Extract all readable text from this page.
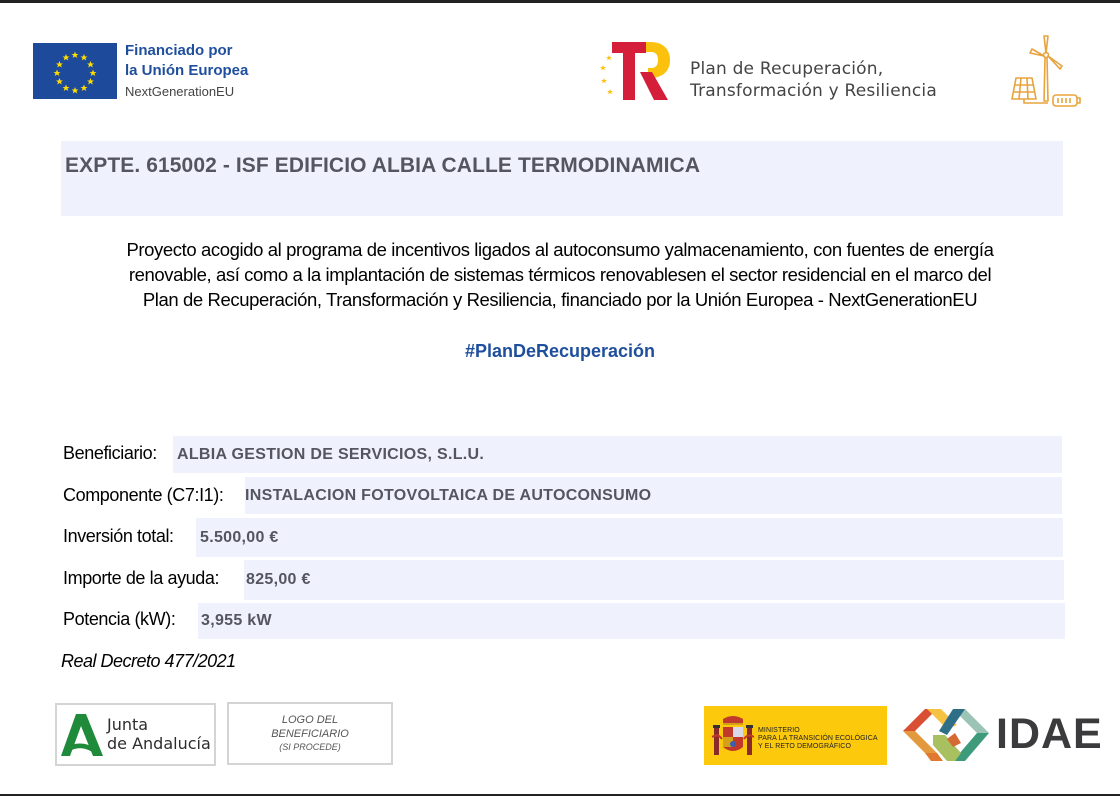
Financiado por
la Unión Europea
NextGenerationEU
Plan de Recuperación,
Transformación y Resiliencia
EXPTE. 615002 - ISF EDIFICIO ALBIA CALLE TERMODINAMICA
Proyecto acogido al programa de incentivos ligados al autoconsumo yalmacenamiento, con fuentes de energía
renovable, así como a la implantación de sistemas térmicos renovablesen el sector residencial en el marco del
Plan de Recuperación, Transformación y Resiliencia, financiado por la Unión Europea - NextGenerationEU
#PlanDeRecuperación
Beneficiario: ALBIA GESTION DE SERVICIOS, S.L.U.
Componente (C7:I1): INSTALACION FOTOVOLTAICA DE AUTOCONSUMO
Inversión total: 5.500,00 €
Importe de la ayuda: 825,00 €
Potencia (kW): 3,955 kW
Real Decreto 477/2021
Junta
de Andalucía
LOGO DEL
BENEFICIARIO
(SI PROCEDE)
MINISTERIO
PARA LA TRANSICIÓN ECOLÓGICA
Y EL RETO DEMOGRÁFICO	IDAE
